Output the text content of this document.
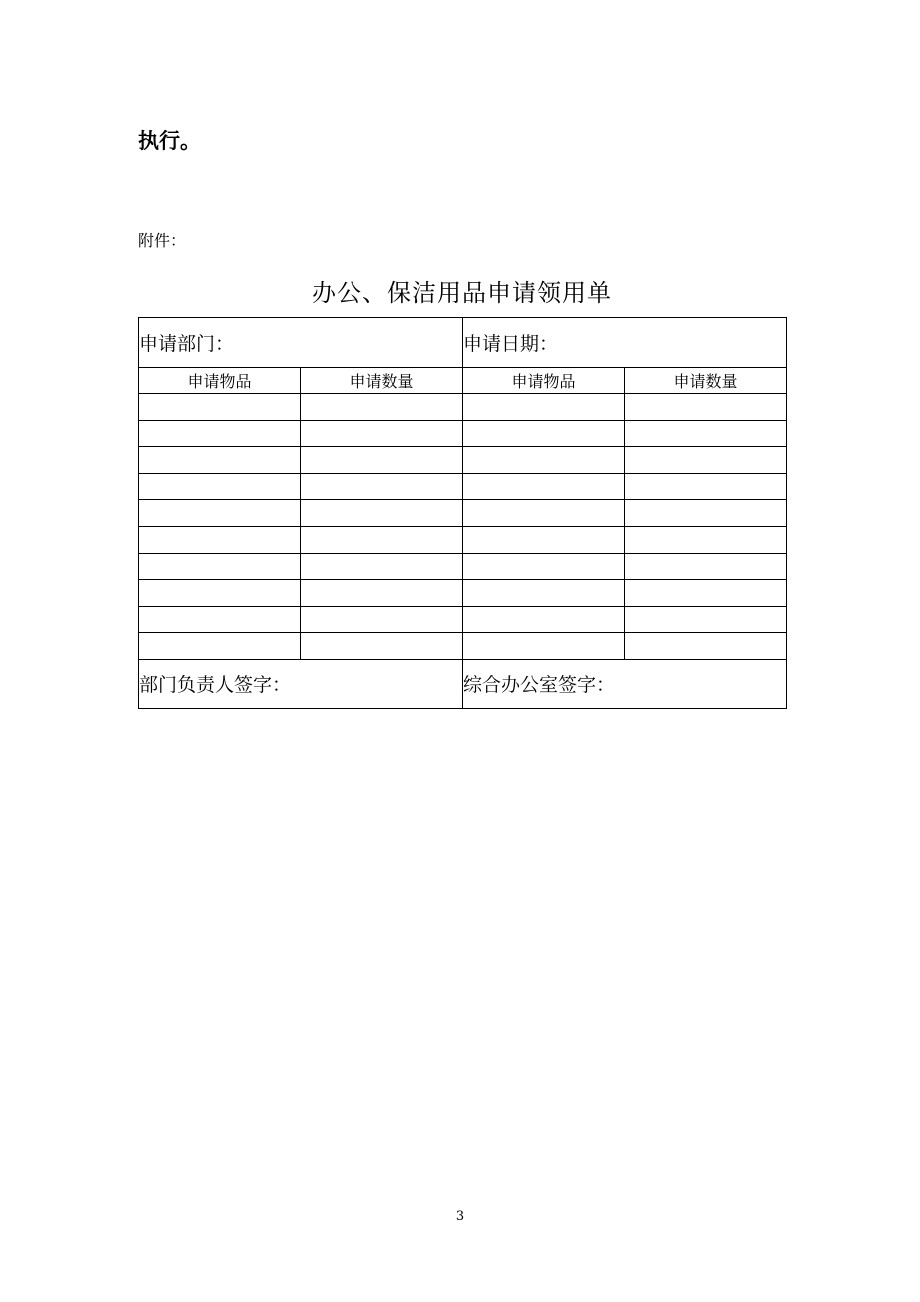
执行。
附件：
办公、保洁用品申请领用单
申请部门：		申请日期：	
申请物品	申请数量	申请物品	申请数量

部门负责人签字：		综合办公室签字：	
3
